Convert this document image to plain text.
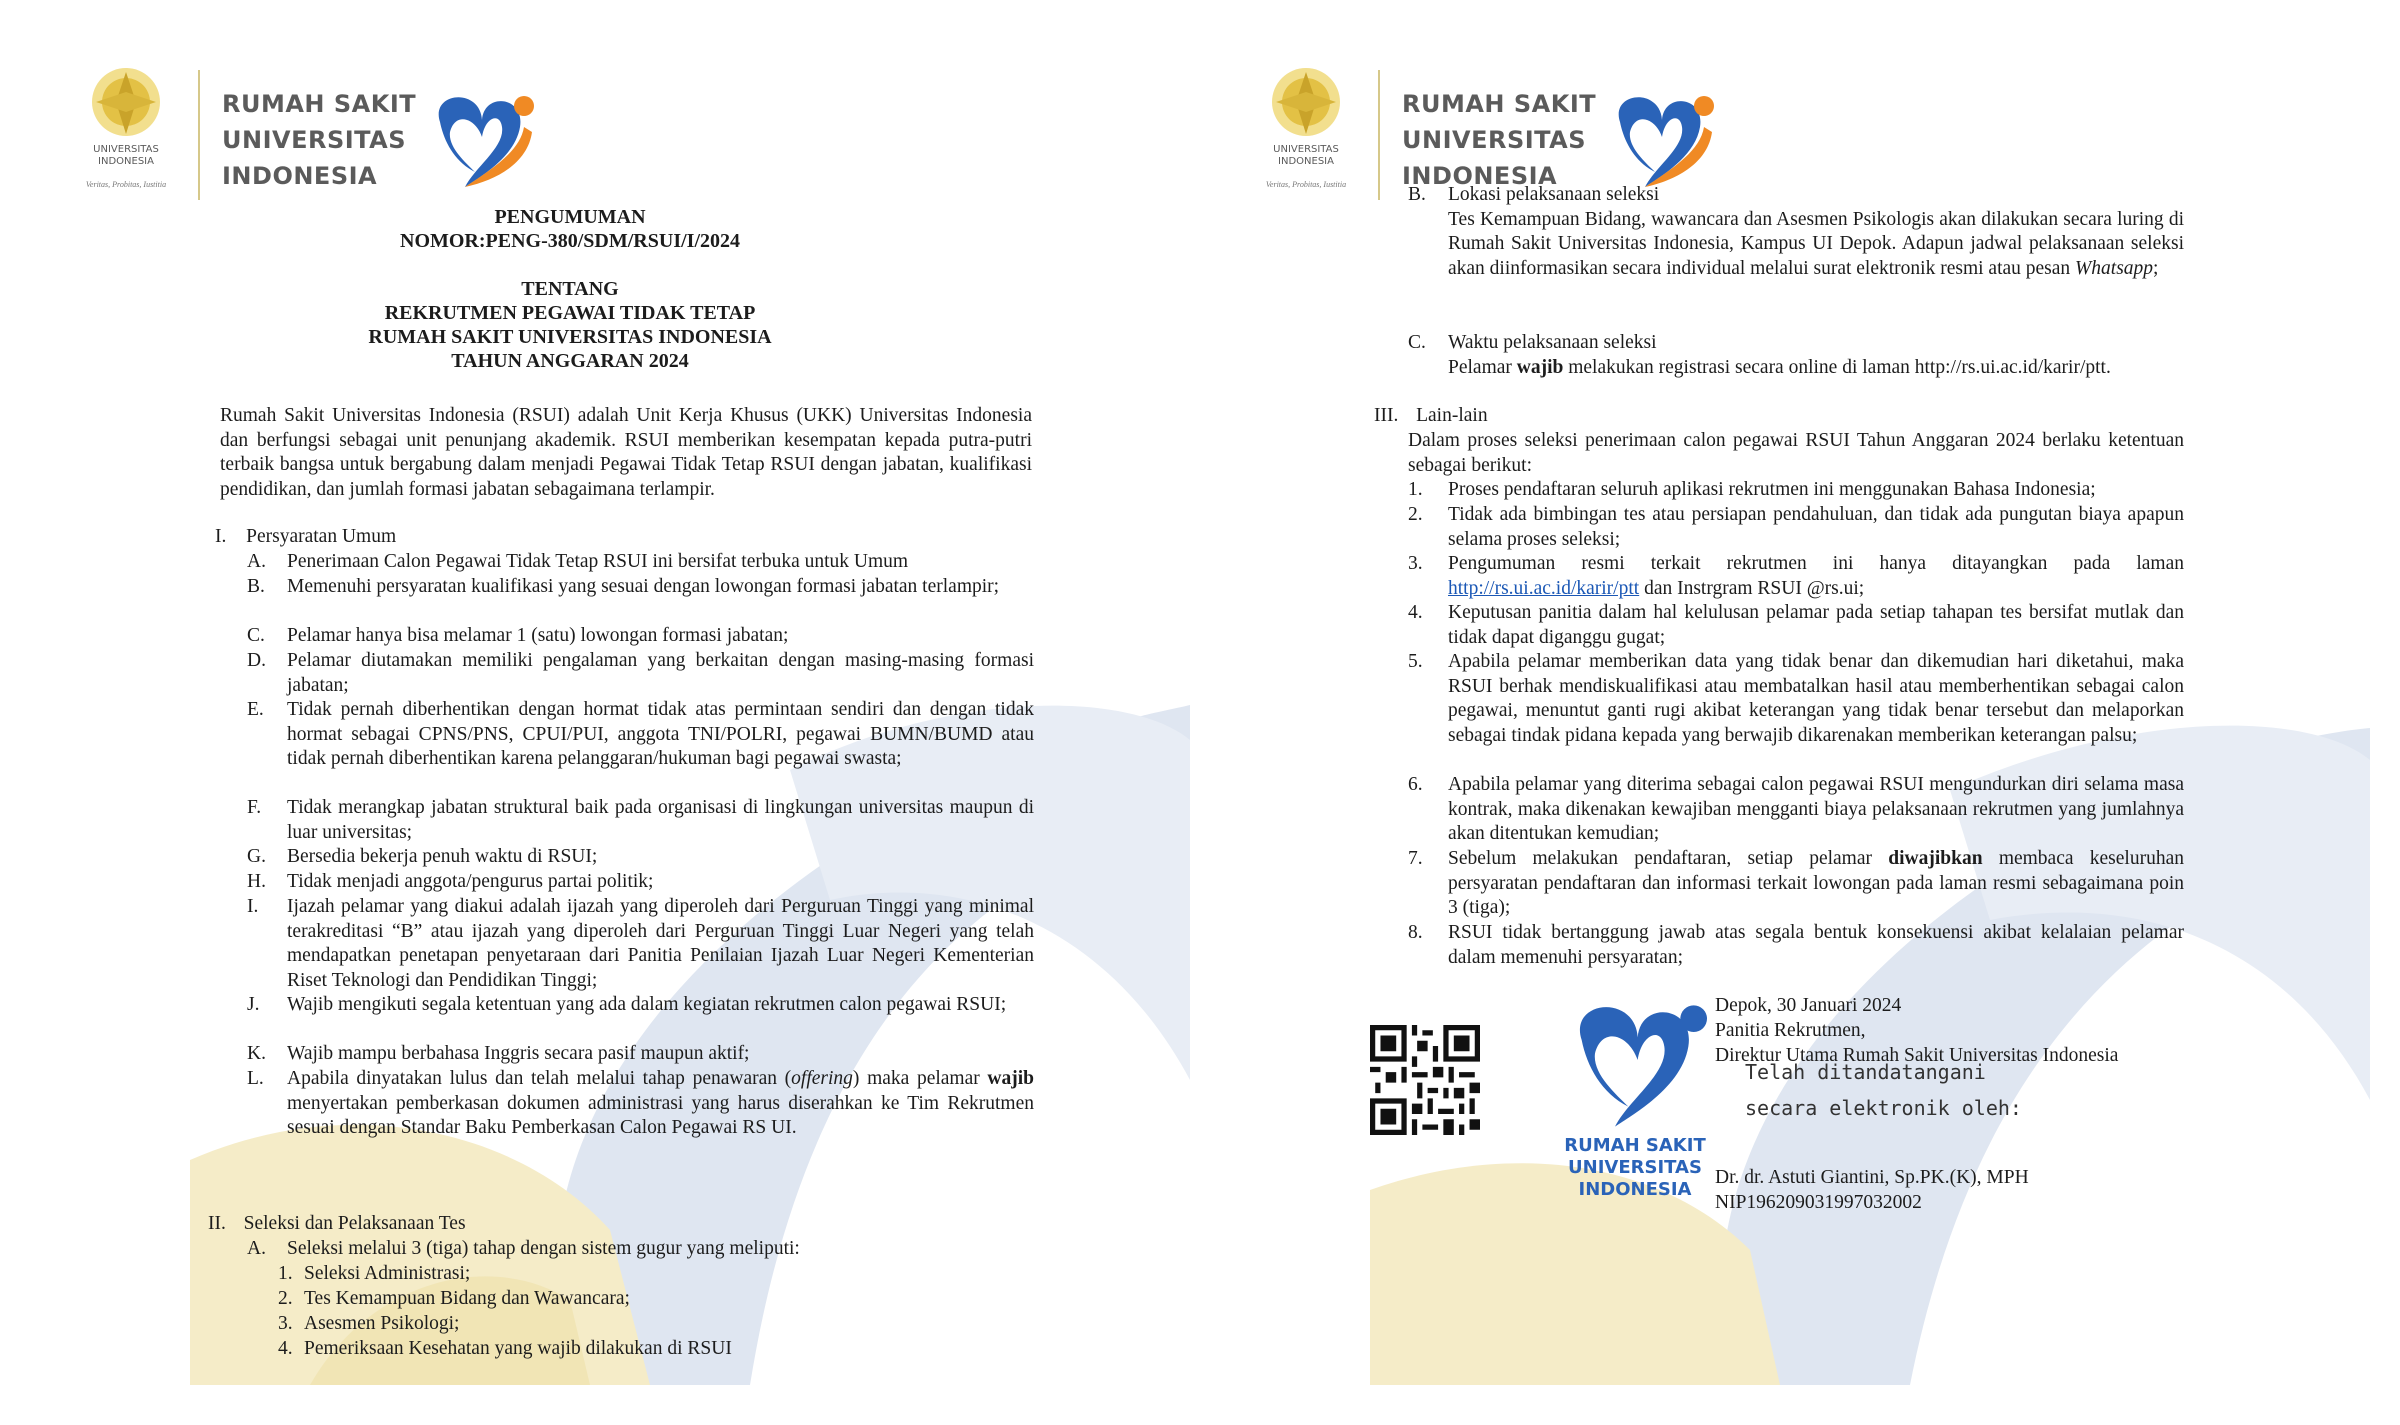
UNIVERSITAS
INDONESIA
Veritas, Probitas, Iustitia
RUMAH SAKIT
UNIVERSITAS
INDONESIA
PENGUMUMAN
NOMOR:PENG-380/SDM/RSUI/I/2024
TENTANG
REKRUTMEN PEGAWAI TIDAK TETAP
RUMAH SAKIT UNIVERSITAS INDONESIA
TAHUN ANGGARAN 2024
Rumah Sakit Universitas Indonesia (RSUI) adalah Unit Kerja Khusus (UKK) Universitas Indonesia dan berfungsi sebagai unit penunjang akademik. RSUI memberikan kesempatan kepada putra-putri terbaik bangsa untuk bergabung dalam menjadi Pegawai Tidak Tetap RSUI dengan jabatan, kualifikasi pendidikan, dan jumlah formasi jabatan sebagaimana terlampir.
I. Persyaratan Umum
A. Penerimaan Calon Pegawai Tidak Tetap RSUI ini bersifat terbuka untuk Umum
B. Memenuhi persyaratan kualifikasi yang sesuai dengan lowongan formasi jabatan terlampir;
C. Pelamar hanya bisa melamar 1 (satu) lowongan formasi jabatan;
D. Pelamar diutamakan memiliki pengalaman yang berkaitan dengan masing-masing formasi jabatan;
E. Tidak pernah diberhentikan dengan hormat tidak atas permintaan sendiri dan dengan tidak hormat sebagai CPNS/PNS, CPUI/PUI, anggota TNI/POLRI, pegawai BUMN/BUMD atau tidak pernah diberhentikan karena pelanggaran/hukuman bagi pegawai swasta;
F. Tidak merangkap jabatan struktural baik pada organisasi di lingkungan universitas maupun di luar universitas;
G. Bersedia bekerja penuh waktu di RSUI;
H. Tidak menjadi anggota/pengurus partai politik;
I. Ijazah pelamar yang diakui adalah ijazah yang diperoleh dari Perguruan Tinggi yang minimal terakreditasi “B” atau ijazah yang diperoleh dari Perguruan Tinggi Luar Negeri yang telah mendapatkan penetapan penyetaraan dari Panitia Penilaian Ijazah Luar Negeri Kementerian Riset Teknologi dan Pendidikan Tinggi;
J. Wajib mengikuti segala ketentuan yang ada dalam kegiatan rekrutmen calon pegawai RSUI;
K. Wajib mampu berbahasa Inggris secara pasif maupun aktif;
L. Apabila dinyatakan lulus dan telah melalui tahap penawaran (offering) maka pelamar wajib menyertakan pemberkasan dokumen administrasi yang harus diserahkan ke Tim Rekrutmen sesuai dengan Standar Baku Pemberkasan Calon Pegawai RS UI.
II. Seleksi dan Pelaksanaan Tes
A. Seleksi melalui 3 (tiga) tahap dengan sistem gugur yang meliputi:
1. Seleksi Administrasi;
2. Tes Kemampuan Bidang dan Wawancara;
3. Asesmen Psikologi;
4. Pemeriksaan Kesehatan yang wajib dilakukan di RSUI
UNIVERSITAS
INDONESIA
Veritas, Probitas, Iustitia
RUMAH SAKIT
UNIVERSITAS
INDONESIA
B. Lokasi pelaksanaan seleksi
Tes Kemampuan Bidang, wawancara dan Asesmen Psikologis akan dilakukan secara luring di Rumah Sakit Universitas Indonesia, Kampus UI Depok. Adapun jadwal pelaksanaan seleksi akan diinformasikan secara individual melalui surat elektronik resmi atau pesan Whatsapp;
C. Waktu pelaksanaan seleksi
Pelamar wajib melakukan registrasi secara online di laman http://rs.ui.ac.id/karir/ptt.
III. Lain-lain
Dalam proses seleksi penerimaan calon pegawai RSUI Tahun Anggaran 2024 berlaku ketentuan sebagai berikut:
1. Proses pendaftaran seluruh aplikasi rekrutmen ini menggunakan Bahasa Indonesia;
2. Tidak ada bimbingan tes atau persiapan pendahuluan, dan tidak ada pungutan biaya apapun selama proses seleksi;
3. Pengumuman resmi terkait rekrutmen ini hanya ditayangkan pada laman http://rs.ui.ac.id/karir/ptt dan Instrgram RSUI @rs.ui;
4. Keputusan panitia dalam hal kelulusan pelamar pada setiap tahapan tes bersifat mutlak dan tidak dapat diganggu gugat;
5. Apabila pelamar memberikan data yang tidak benar dan dikemudian hari diketahui, maka RSUI berhak mendiskualifikasi atau membatalkan hasil atau memberhentikan sebagai calon pegawai, menuntut ganti rugi akibat keterangan yang tidak benar tersebut dan melaporkan sebagai tindak pidana kepada yang berwajib dikarenakan memberikan keterangan palsu;
6. Apabila pelamar yang diterima sebagai calon pegawai RSUI mengundurkan diri selama masa kontrak, maka dikenakan kewajiban mengganti biaya pelaksanaan rekrutmen yang jumlahnya akan ditentukan kemudian;
7. Sebelum melakukan pendaftaran, setiap pelamar diwajibkan membaca keseluruhan persyaratan pendaftaran dan informasi terkait lowongan pada laman resmi sebagaimana poin 3 (tiga);
8. RSUI tidak bertanggung jawab atas segala bentuk konsekuensi akibat kelalaian pelamar dalam memenuhi persyaratan;
RUMAH SAKIT
UNIVERSITAS
INDONESIA
Depok, 30 Januari 2024
Panitia Rekrutmen,
Direktur Utama Rumah Sakit Universitas Indonesia
Telah ditandatangani
secara elektronik oleh:
Dr. dr. Astuti Giantini, Sp.PK.(K), MPH
NIP196209031997032002
